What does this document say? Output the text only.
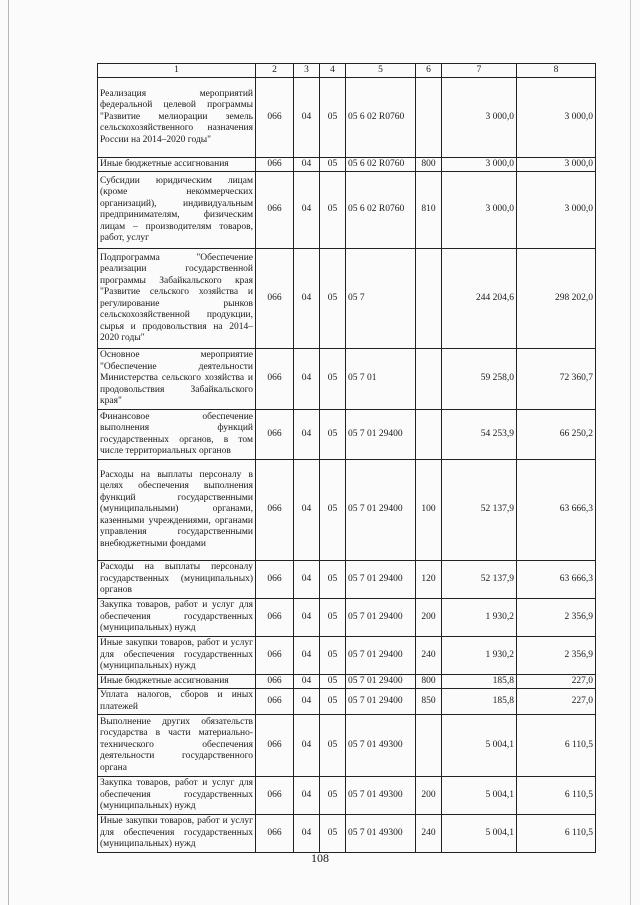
1	2	3	4	5	6	7	8
Реализация мероприятий федеральной целевой программы "Развитие мелиорации земель сельскохозяйственного назначения России на 2014–2020 годы"	066	04	05	05 6 02 R0760		3 000,0	3 000,0
Иные бюджетные ассигнования	066	04	05	05 6 02 R0760	800	3 000,0	3 000,0
Субсидии юридическим лицам (кроме некоммерческих организаций), индивидуальным предпринимателям, физическим лицам – производителям товаров, работ, услуг	066	04	05	05 6 02 R0760	810	3 000,0	3 000,0
Подпрограмма "Обеспечение реализации государственной программы Забайкальского края "Развитие сельского хозяйства и регулирование рынков сельскохозяйственной продукции, сырья и продовольствия на 2014–2020 годы"	066	04	05	05 7		244 204,6	298 202,0
Основное мероприятие "Обеспечение деятельности Министерства сельского хозяйства и продовольствия Забайкальского края"	066	04	05	05 7 01		59 258,0	72 360,7
Финансовое обеспечение выполнения функций государственных органов, в том числе территориальных органов	066	04	05	05 7 01 29400		54 253,9	66 250,2
Расходы на выплаты персоналу в целях обеспечения выполнения функций государственными (муниципальными) органами, казенными учреждениями, органами управления государственными внебюджетными фондами	066	04	05	05 7 01 29400	100	52 137,9	63 666,3
Расходы на выплаты персоналу государственных (муниципальных) органов	066	04	05	05 7 01 29400	120	52 137,9	63 666,3
Закупка товаров, работ и услуг для обеспечения государственных (муниципальных) нужд	066	04	05	05 7 01 29400	200	1 930,2	2 356,9
Иные закупки товаров, работ и услуг для обеспечения государственных (муниципальных) нужд	066	04	05	05 7 01 29400	240	1 930,2	2 356,9
Иные бюджетные ассигнования	066	04	05	05 7 01 29400	800	185,8	227,0
Уплата налогов, сборов и иных платежей	066	04	05	05 7 01 29400	850	185,8	227,0
Выполнение других обязательств государства в части материально-технического обеспечения деятельности государственного органа	066	04	05	05 7 01 49300		5 004,1	6 110,5
Закупка товаров, работ и услуг для обеспечения государственных (муниципальных) нужд	066	04	05	05 7 01 49300	200	5 004,1	6 110,5
Иные закупки товаров, работ и услуг для обеспечения государственных (муниципальных) нужд	066	04	05	05 7 01 49300	240	5 004,1	6 110,5
108
